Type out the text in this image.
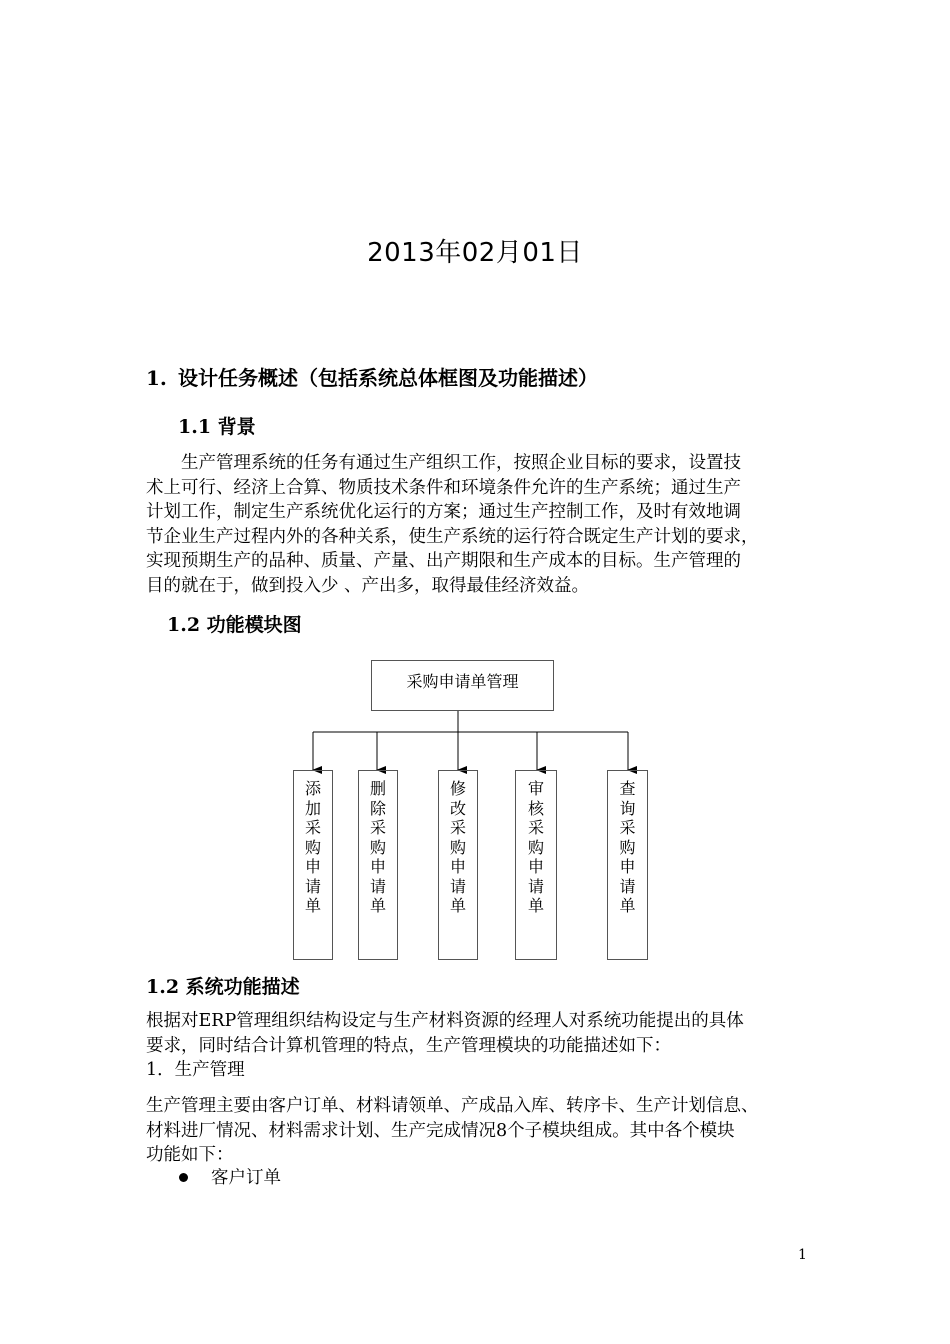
2013年02月01日
1. 设计任务概述（包括系统总体框图及功能描述）
1.1 背景
生产管理系统的任务有通过生产组织工作，按照企业目标的要求，设置技
术上可行、经济上合算、物质技术条件和环境条件允许的生产系统；通过生产
计划工作，制定生产系统优化运行的方案；通过生产控制工作，及时有效地调
节企业生产过程内外的各种关系，使生产系统的运行符合既定生产计划的要求，
实现预期生产的品种、质量、产量、出产期限和生产成本的目标。生产管理的
目的就在于，做到投入少 、产出多，取得最佳经济效益。
1.2 功能模块图
采购申请单管理
添
加
采
购
申
请
单
删
除
采
购
申
请
单
修
改
采
购
申
请
单
审
核
采
购
申
请
单
查
询
采
购
申
请
单
1.2 系统功能描述
根据对ERP管理组织结构设定与生产材料资源的经理人对系统功能提出的具体
要求，同时结合计算机管理的特点，生产管理模块的功能描述如下：
1．生产管理
生产管理主要由客户订单、材料请领单、产成品入库、转序卡、生产计划信息、
材料进厂情况、材料需求计划、生产完成情况8个子模块组成。其中各个模块
功能如下：
客户订单
1
